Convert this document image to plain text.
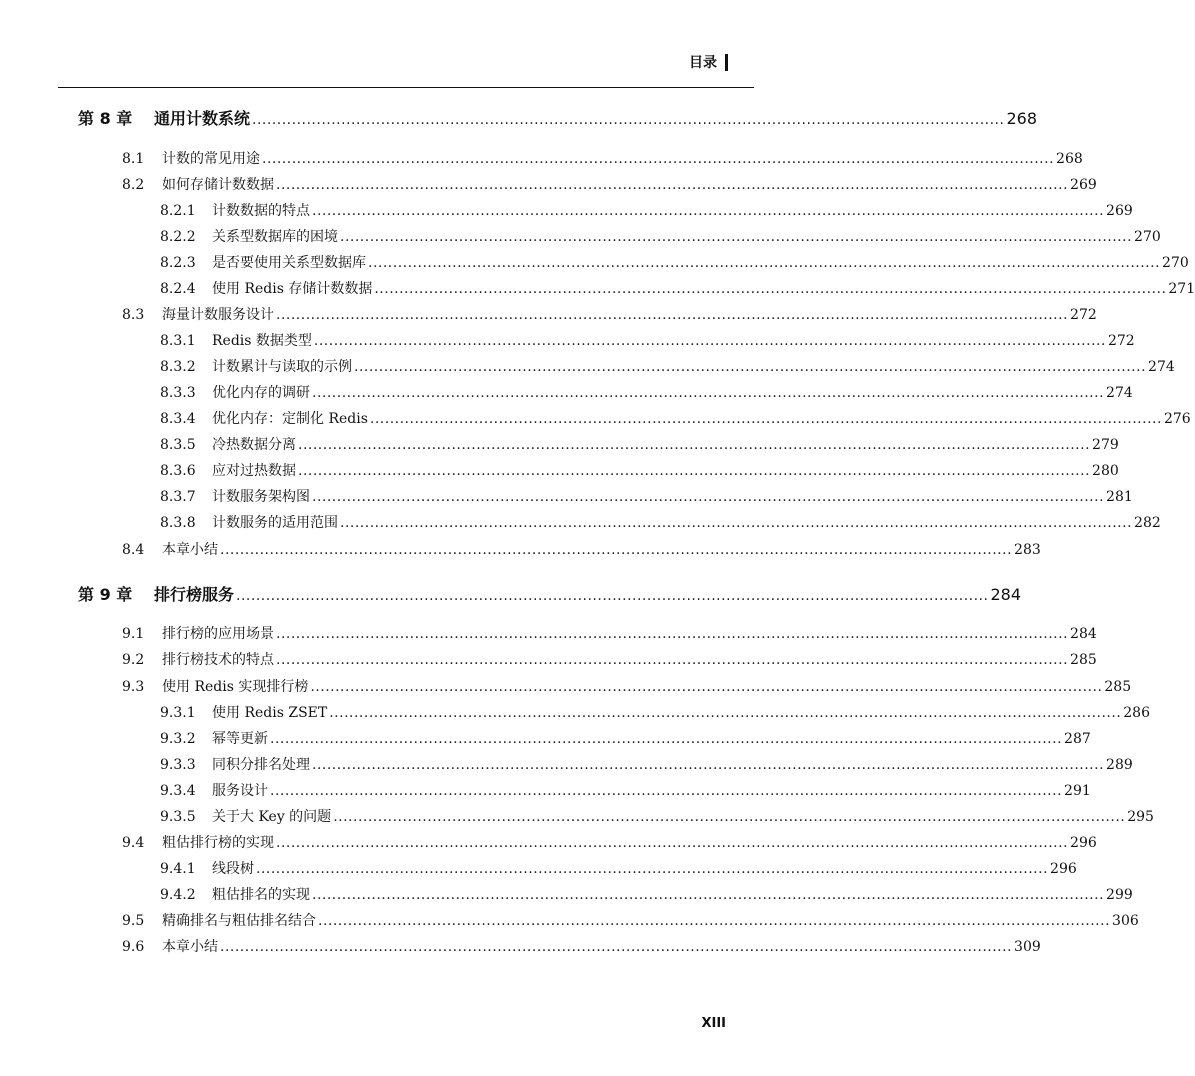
目录
第 8 章	通用计数系统 ........................................................................................................................................................ 268
8.1	计数的常见用途 ................................................................................................................................................................ 268
8.2	如何存储计数数据 ................................................................................................................................................................ 269
8.2.1	计数数据的特点 ................................................................................................................................................................ 269
8.2.2	关系型数据库的困境 ................................................................................................................................................................ 270
8.2.3	是否要使用关系型数据库 ................................................................................................................................................................ 270
8.2.4	使用 Redis 存储计数数据 ................................................................................................................................................................ 271
8.3	海量计数服务设计 ................................................................................................................................................................ 272
8.3.1	Redis 数据类型 ................................................................................................................................................................ 272
8.3.2	计数累计与读取的示例 ................................................................................................................................................................ 274
8.3.3	优化内存的调研 ................................................................................................................................................................ 274
8.3.4	优化内存：定制化 Redis ................................................................................................................................................................ 276
8.3.5	冷热数据分离 ................................................................................................................................................................ 279
8.3.6	应对过热数据 ................................................................................................................................................................ 280
8.3.7	计数服务架构图 ................................................................................................................................................................ 281
8.3.8	计数服务的适用范围 ................................................................................................................................................................ 282
8.4	本章小结 ................................................................................................................................................................ 283
第 9 章	排行榜服务 ........................................................................................................................................................ 284
9.1	排行榜的应用场景 ................................................................................................................................................................ 284
9.2	排行榜技术的特点 ................................................................................................................................................................ 285
9.3	使用 Redis 实现排行榜 ................................................................................................................................................................ 285
9.3.1	使用 Redis ZSET ................................................................................................................................................................ 286
9.3.2	幂等更新 ................................................................................................................................................................ 287
9.3.3	同积分排名处理 ................................................................................................................................................................ 289
9.3.4	服务设计 ................................................................................................................................................................ 291
9.3.5	关于大 Key 的问题 ................................................................................................................................................................ 295
9.4	粗估排行榜的实现 ................................................................................................................................................................ 296
9.4.1	线段树 ................................................................................................................................................................ 296
9.4.2	粗估排名的实现 ................................................................................................................................................................ 299
9.5	精确排名与粗估排名结合 ................................................................................................................................................................ 306
9.6	本章小结 ................................................................................................................................................................ 309
XIII
